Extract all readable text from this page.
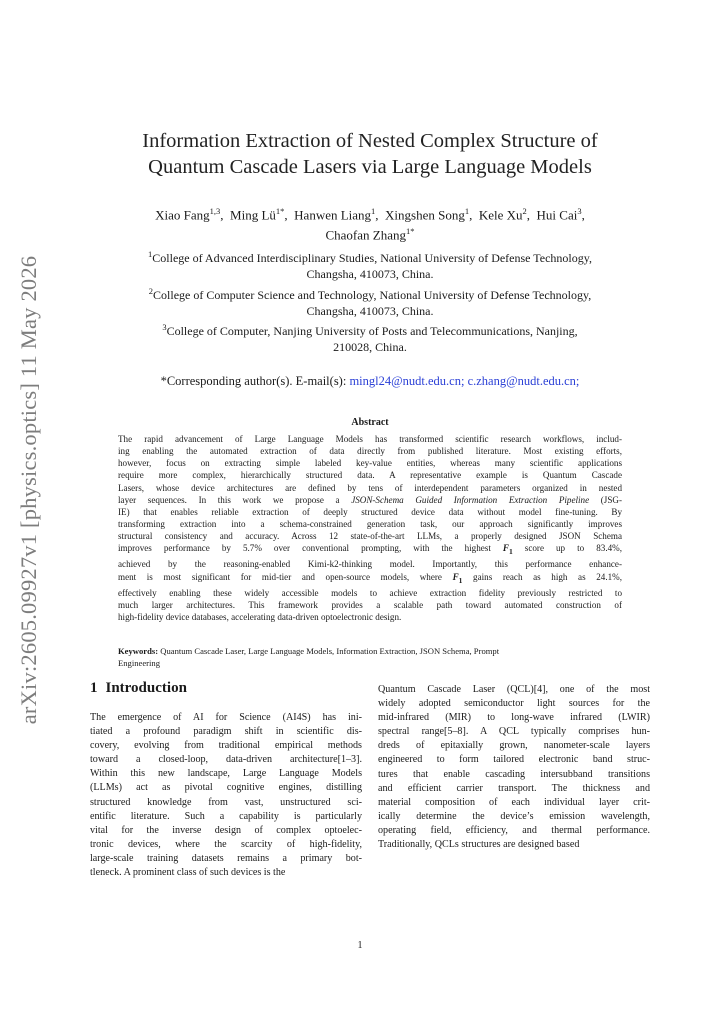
arXiv:2605.09927v1 [physics.optics] 11 May 2026
Information Extraction of Nested Complex Structure of
Quantum Cascade Lasers via Large Language Models
Xiao Fang$^{1,3}$,  Ming $Lü^{1*}$,  Hanwen Liang$^1$,  Xingshen Song$^1$,  Kele Xu$^2$,  Hui Cai$^3$,
Chaofan Zhang$^{1*}$
$^1$College of Advanced Interdisciplinary Studies, National University of Defense Technology,
Changsha, 410073, China.
$^2$College of Computer Science and Technology, National University of Defense Technology,
Changsha, 410073, China.
$^3$College of Computer, Nanjing University of Posts and Telecommunications, Nanjing,
210028, China.
*Corresponding author(s). E-mail(s): mingl24@nudt.edu.cn; c.zhang@nudt.edu.cn;
Abstract
The rapid advancement of Large Language Models has transformed scientific research workflows, includ-
ing enabling the automated extraction of data directly from published literature. Most existing efforts,
however, focus on extracting simple labeled key-value entities, whereas many scientific applications
require more complex, hierarchically structured data. A representative example is Quantum Cascade
Lasers, whose device architectures are defined by tens of interdependent parameters organized in nested
layer sequences. In this work we propose a JSON-Schema Guided Information Extraction Pipeline (JSG-
IE) that enables reliable extraction of deeply structured device data without model fine-tuning. By
transforming extraction into a schema-constrained generation task, our approach significantly improves
structural consistency and accuracy. Across 12 state-of-the-art LLMs, a properly designed JSON Schema
improves performance by 5.7% over conventional prompting, with the highest $F_1$ score up to 83.4%,
achieved by the reasoning-enabled Kimi-k2-thinking model. Importantly, this performance enhance-
ment is most significant for mid-tier and open-source models, where $F_1$ gains reach as high as 24.1%,
effectively enabling these widely accessible models to achieve extraction fidelity previously restricted to
much larger architectures. This framework provides a scalable path toward automated construction of
high-fidelity device databases, accelerating data-driven optoelectronic design.
Keywords: Quantum Cascade Laser, Large Language Models, Information Extraction, JSON Schema, Prompt
Engineering
1 Introduction
The emergence of AI for Science (AI4S) has ini-
tiated a profound paradigm shift in scientific dis-
covery, evolving from traditional empirical methods
toward a closed-loop, data-driven architecture[1–3].
Within this new landscape, Large Language Models
(LLMs) act as pivotal cognitive engines, distilling
structured knowledge from vast, unstructured sci-
entific literature. Such a capability is particularly
vital for the inverse design of complex optoelec-
tronic devices, where the scarcity of high-fidelity,
large-scale training datasets remains a primary bot-
tleneck. A prominent class of such devices is the
Quantum Cascade Laser (QCL)[4], one of the most
widely adopted semiconductor light sources for the
mid-infrared (MIR) to long-wave infrared (LWIR)
spectral range[5–8]. A QCL typically comprises hun-
dreds of epitaxially grown, nanometer-scale layers
engineered to form tailored electronic band struc-
tures that enable cascading intersubband transitions
and efficient carrier transport. The thickness and
material composition of each individual layer crit-
ically determine the device’s emission wavelength,
operating field, efficiency, and thermal performance.
Traditionally, QCLs structures are designed based
1
